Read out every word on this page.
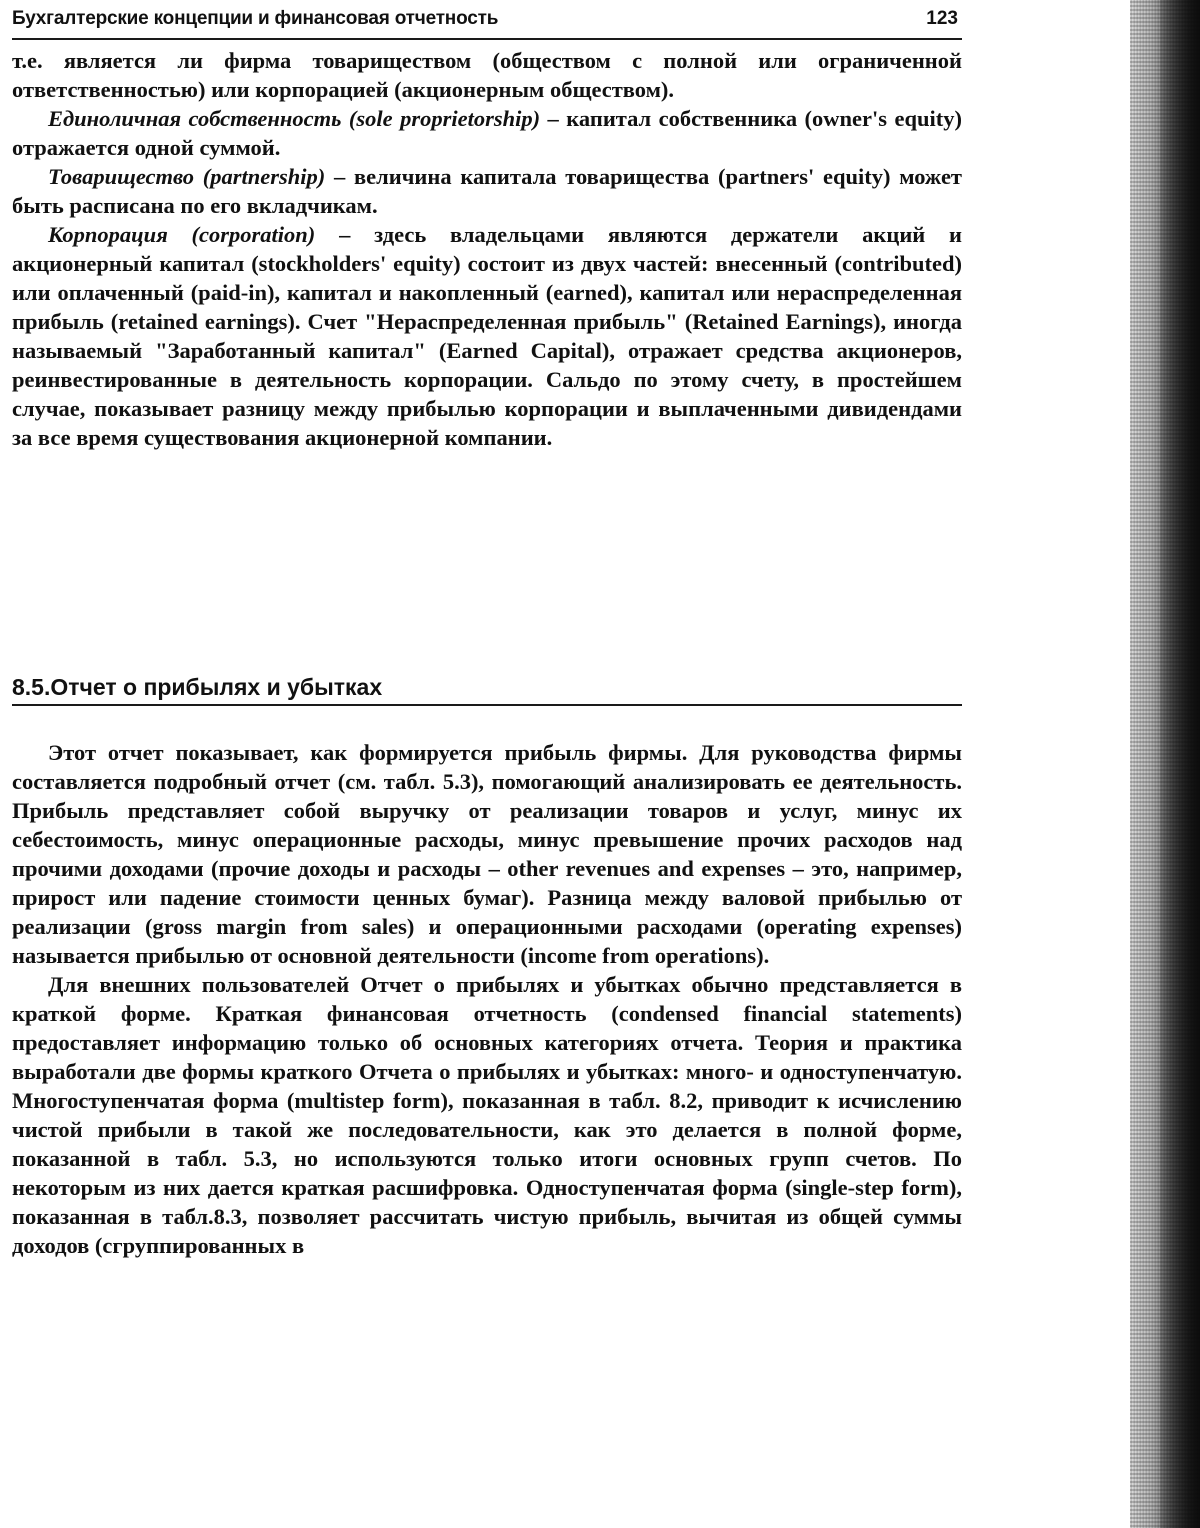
Бухгалтерские концепции и финансовая отчетность	123

т.е. является ли фирма товариществом (обществом с полной или ограниченной ответственностью) или корпорацией (акционерным обществом).

Единоличная собственность (sole proprietorship) – капитал собственника (owner's equity) отражается одной суммой.

Товарищество (partnership) – величина капитала товарищества (partners' equity) может быть расписана по его вкладчикам.

Корпорация (corporation) – здесь владельцами являются держатели акций и акционерный капитал (stockholders' equity) состоит из двух частей: внесенный (contributed) или оплаченный (paid-in), капитал и накопленный (earned), капитал или нераспределенная прибыль (retained earnings). Счет "Нераспределенная прибыль" (Retained Earnings), иногда называемый "Заработанный капитал" (Earned Capital), отражает средства акционеров, реинвестированные в деятельность корпорации. Сальдо по этому счету, в простейшем случае, показывает разницу между прибылью корпорации и выплаченными дивидендами за все время существования акционерной компании.

8.5.Отчет о прибылях и убытках

Этот отчет показывает, как формируется прибыль фирмы. Для руководства фирмы составляется подробный отчет (см. табл. 5.3), помогающий анализировать ее деятельность. Прибыль представляет собой выручку от реализации товаров и услуг, минус их себестоимость, минус операционные расходы, минус превышение прочих расходов над прочими доходами (прочие доходы и расходы – other revenues and expenses – это, например, прирост или падение стоимости ценных бумаг). Разница между валовой прибылью от реализации (gross margin from sales) и операционными расходами (operating expenses) называется прибылью от основной деятельности (income from operations).

Для внешних пользователей Отчет о прибылях и убытках обычно представляется в краткой форме. Краткая финансовая отчетность (condensed financial statements) предоставляет информацию только об основных категориях отчета. Теория и практика выработали две формы краткого Отчета о прибылях и убытках: много- и одноступенчатую. Многоступенчатая форма (multistep form), показанная в табл. 8.2, приводит к исчислению чистой прибыли в такой же последовательности, как это делается в полной форме, показанной в табл. 5.3, но используются только итоги основных групп счетов. По некоторым из них дается краткая расшифровка. Одноступенчатая форма (single-step form), показанная в табл.8.3, позволяет рассчитать чистую прибыль, вычитая из общей суммы доходов (сгруппированных в
